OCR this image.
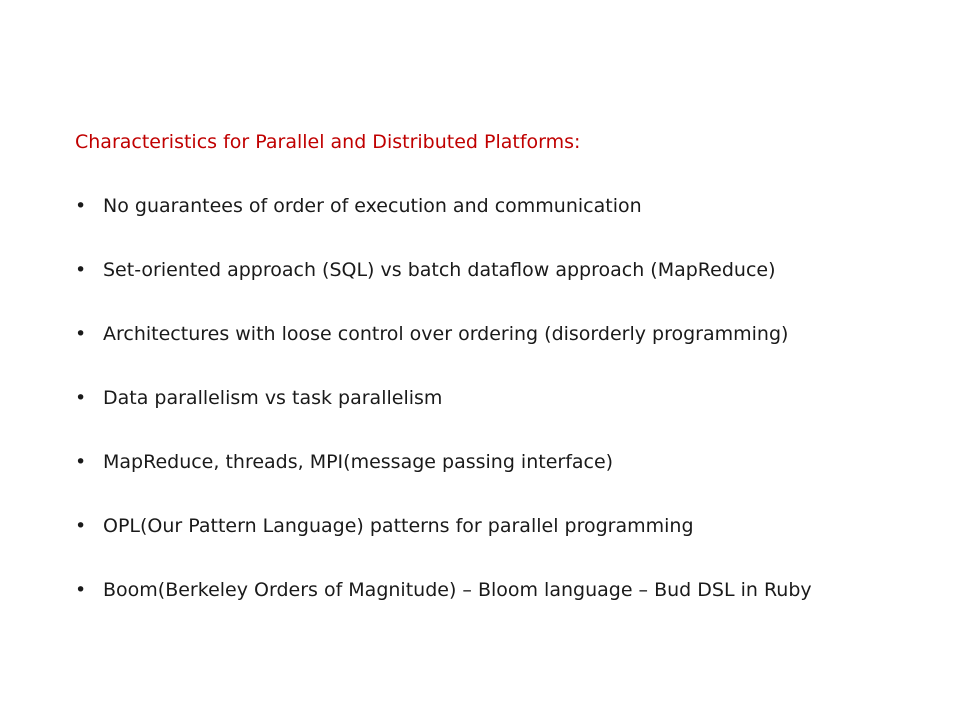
Characteristics for Parallel and Distributed Platforms:
• No guarantees of order of execution and communication
• Set-oriented approach (SQL) vs batch dataflow approach (MapReduce)
• Architectures with loose control over ordering (disorderly programming)
• Data parallelism vs task parallelism
• MapReduce, threads, MPI(message passing interface)
• OPL(Our Pattern Language) patterns for parallel programming
• Boom(Berkeley Orders of Magnitude) – Bloom language – Bud DSL in Ruby
